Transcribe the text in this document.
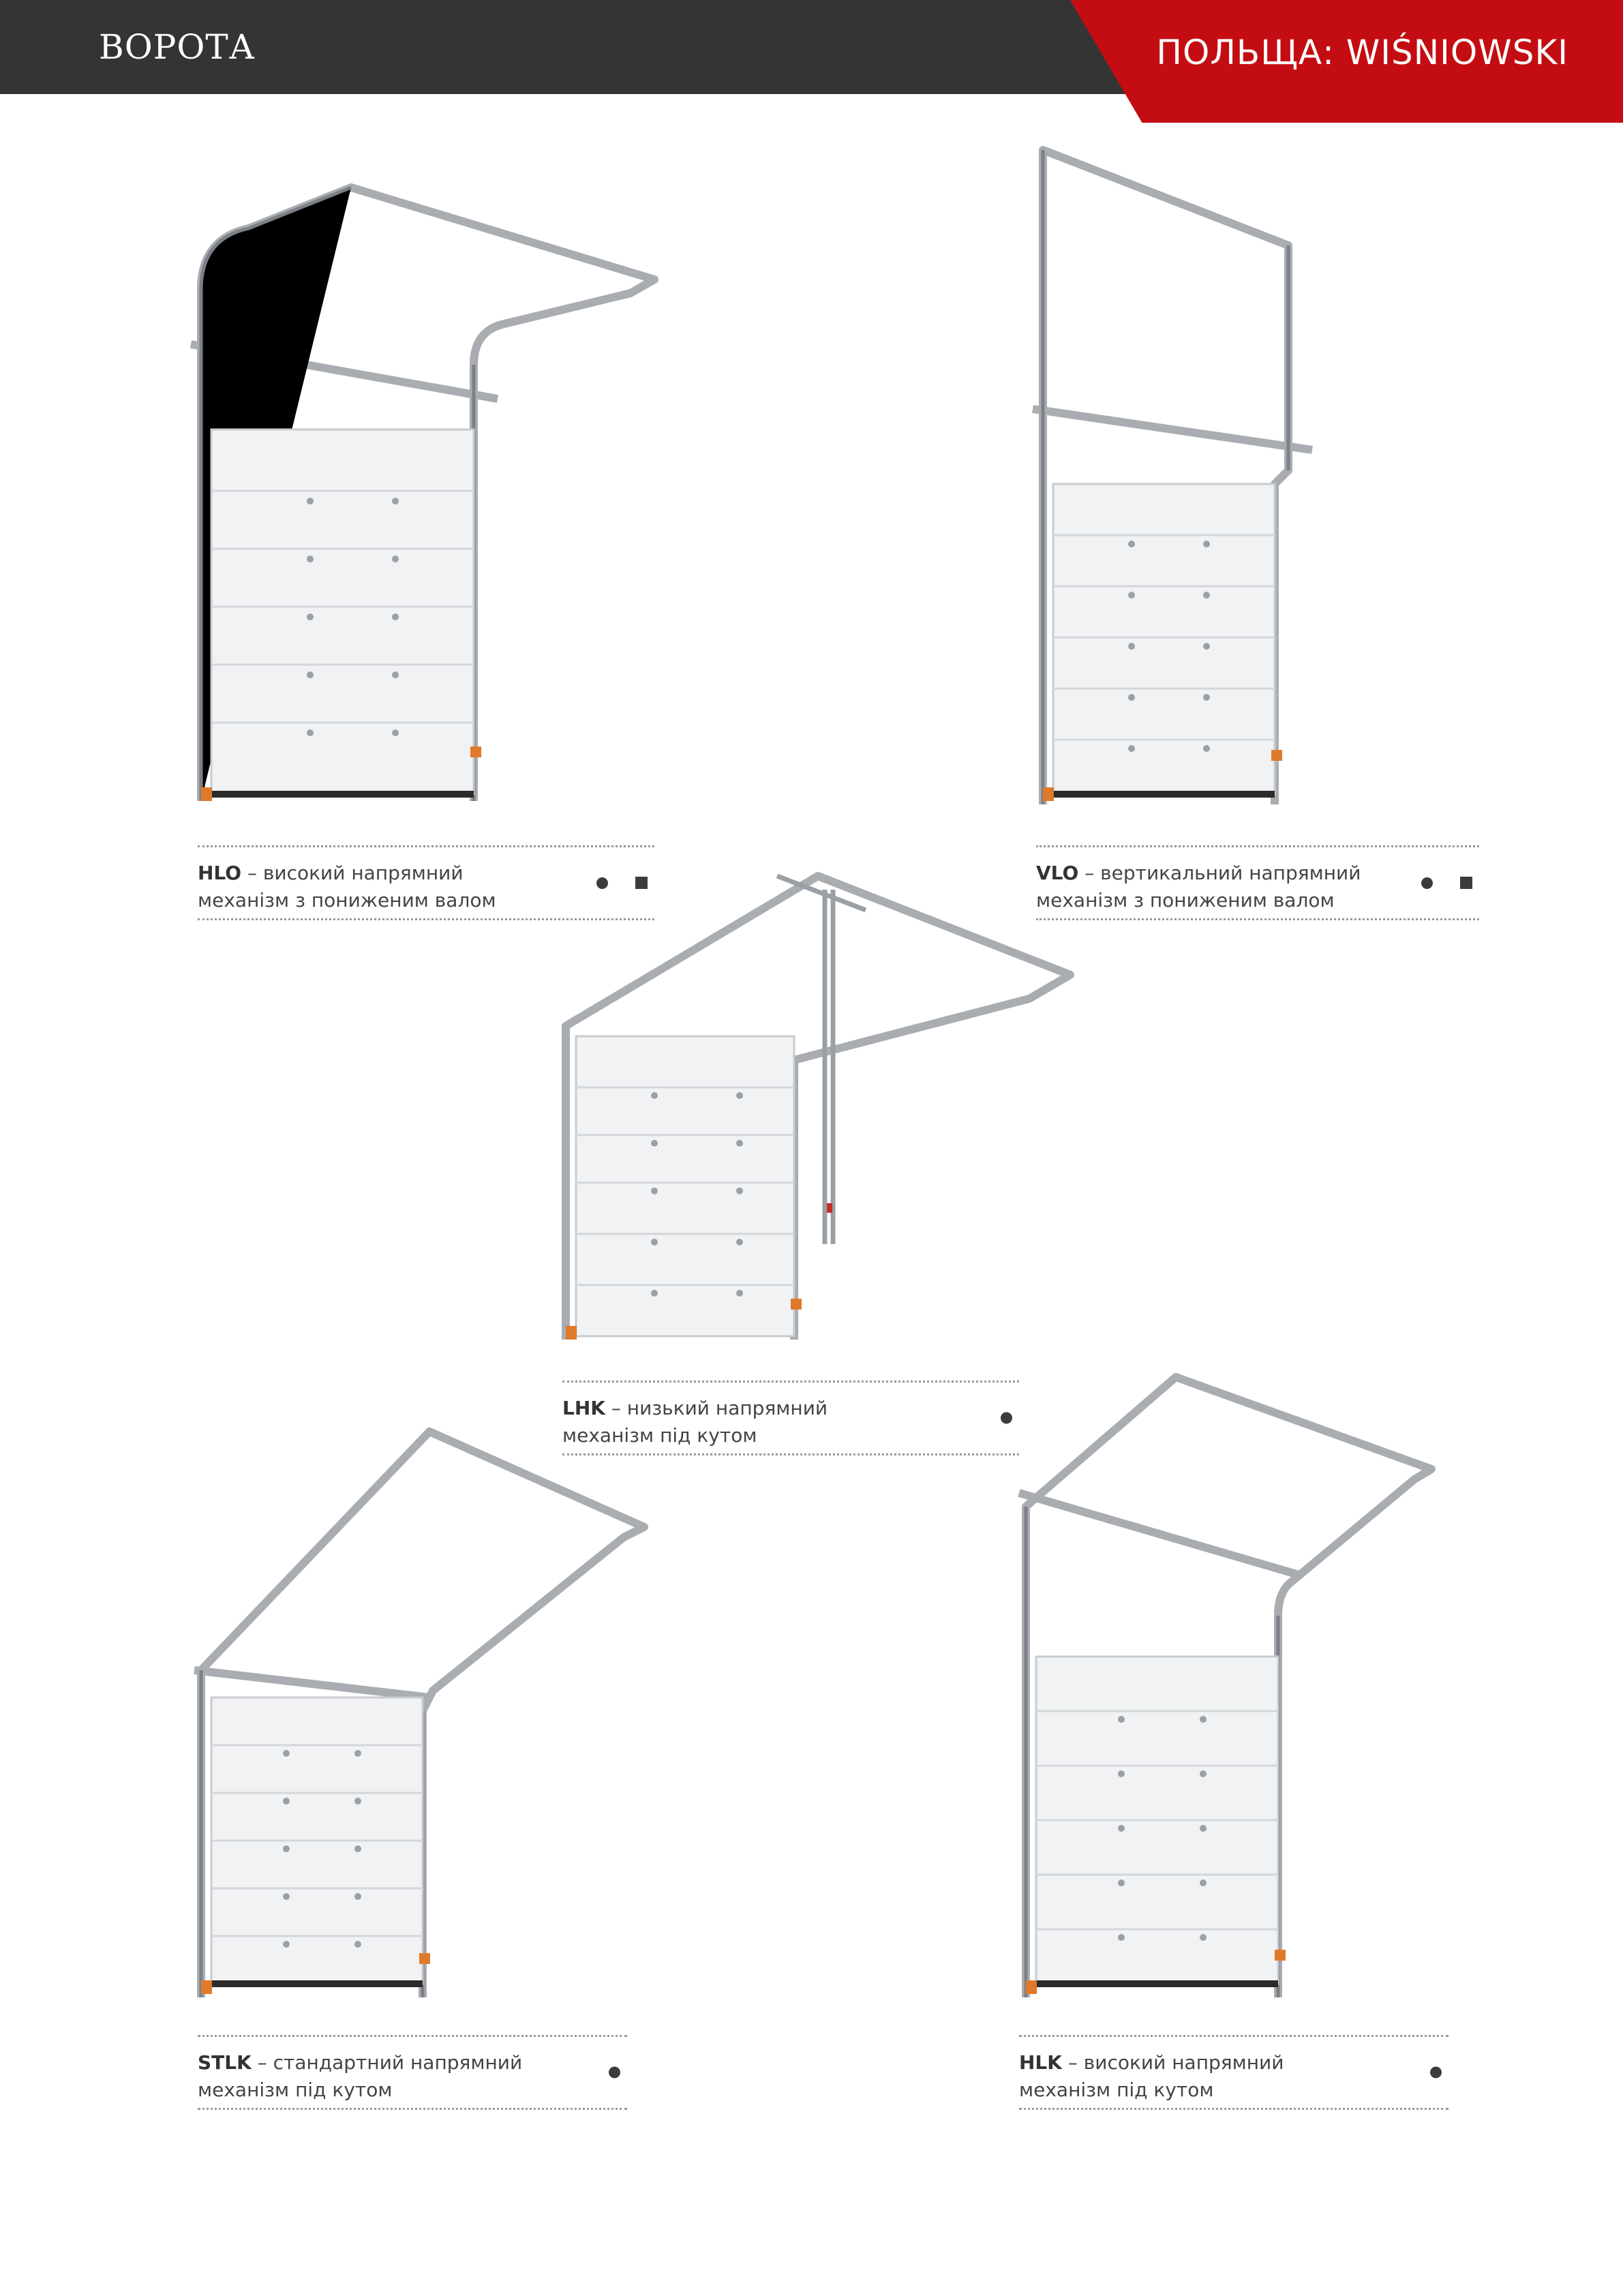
ВОРОТА	ПОЛЬЩА: WIŚNIOWSKI
HLO – високий напрямний
механізм з пониженим валом
VLO – вертикальний напрямний
механізм з пониженим валом
LHK – низький напрямний
механізм під кутом
STLK – стандартний напрямний
механізм під кутом
HLK – високий напрямний
механізм під кутом
